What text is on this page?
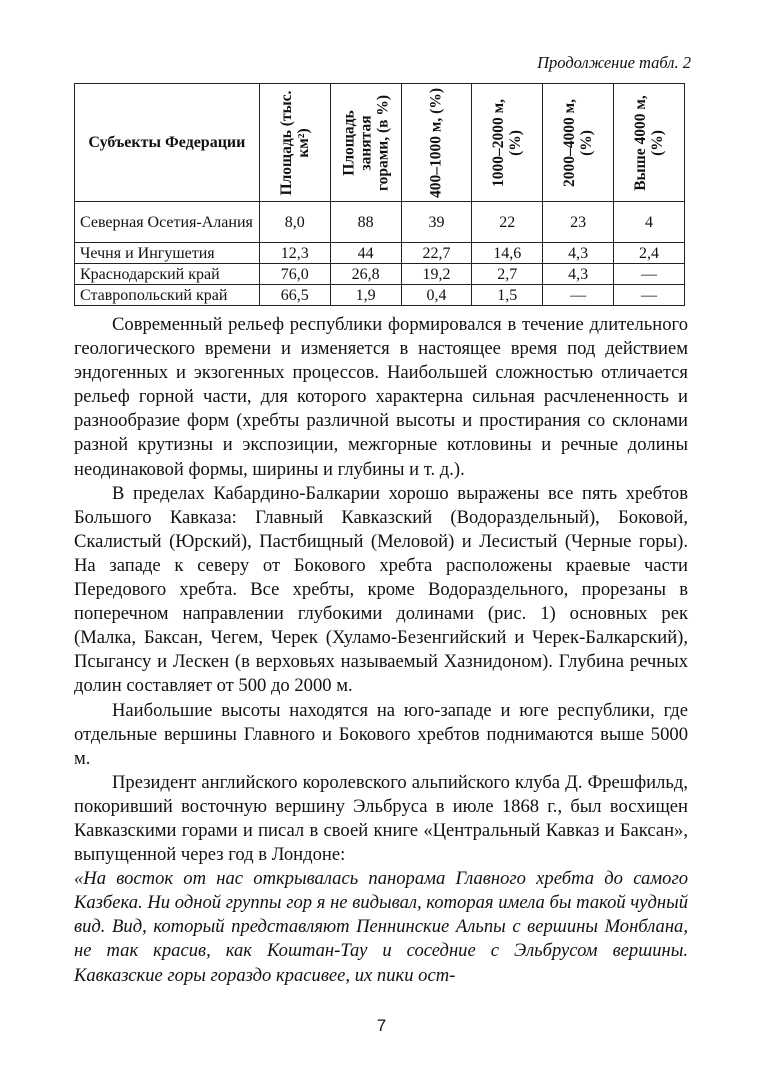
Продолжение табл. 2
Субъекты Федерации	Площадь (тыс. км²)	Площадь занятая горами, (в %)	400–1000 м, (%)	1000–2000 м, (%)	2000–4000 м, (%)	Выше 4000 м, (%)

Северная Осетия-Алания	8,0	88	39	22	23	4
Чечня и Ингушетия	12,3	44	22,7	14,6	4,3	2,4
Краснодарский край	76,0	26,8	19,2	2,7	4,3	—
Ставропольский край	66,5	1,9	0,4	1,5	—	—

Современный рельеф республики формировался в течение длительного геологического времени и изменяется в настоящее время под действием эндогенных и экзогенных процессов. Наибольшей сложностью отличается рельеф горной части, для которого характерна сильная расчлененность и разнообразие форм (хребты различной высоты и простирания со склонами разной крутизны и экспозиции, межгорные котловины и речные долины неодинаковой формы, ширины и глубины и т. д.).

В пределах Кабардино-Балкарии хорошо выражены все пять хребтов Большого Кавказа: Главный Кавказский (Водораздельный), Боковой, Скалистый (Юрский), Пастбищный (Меловой) и Лесистый (Черные горы). На западе к северу от Бокового хребта расположены краевые части Передового хребта. Все хребты, кроме Водораздельного, прорезаны в поперечном направлении глубокими долинами (рис. 1) основных рек (Малка, Баксан, Чегем, Черек (Хуламо-Безенгийский и Черек-Балкарский), Псыгансу и Лескен (в верховьях называемый Хазнидоном). Глубина речных долин составляет от 500 до 2000 м.

Наибольшие высоты находятся на юго-западе и юге республики, где отдельные вершины Главного и Бокового хребтов поднимаются выше 5000 м.

Президент английского королевского альпийского клуба Д. Фрешфильд, покоривший восточную вершину Эльбруса в июле 1868 г., был восхищен Кавказскими горами и писал в своей книге «Центральный Кавказ и Баксан», выпущенной через год в Лондоне:

«На восток от нас открывалась панорама Главного хребта до самого Казбека. Ни одной группы гор я не видывал, которая имела бы такой чудный вид. Вид, который представляют Пеннинские Альпы с вершины Монблана, не так красив, как Коштан-Тау и соседние с Эльбрусом вершины. Кавказские горы гораздо красивее, их пики ост-

7
